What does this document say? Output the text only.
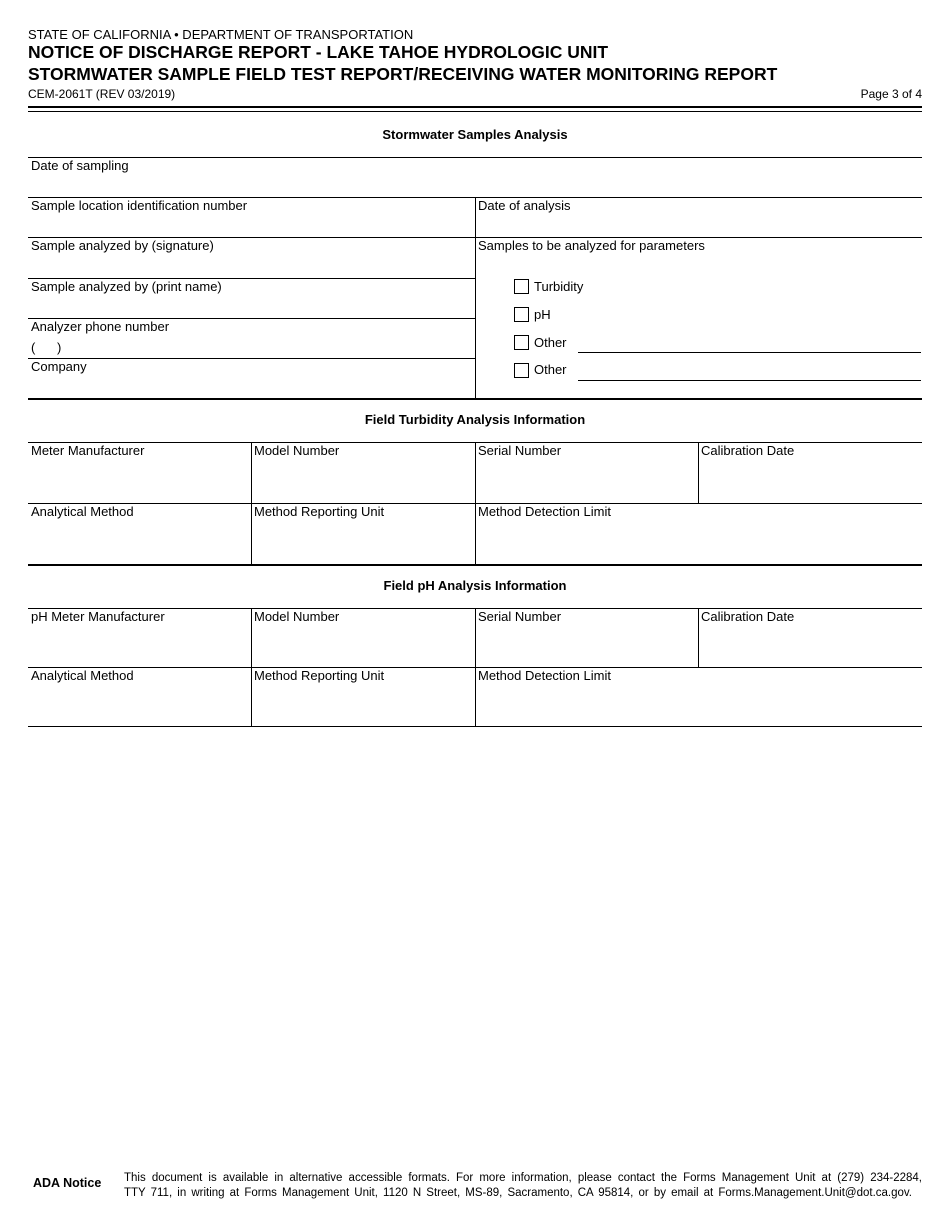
STATE OF CALIFORNIA • DEPARTMENT OF TRANSPORTATION
NOTICE OF DISCHARGE REPORT - LAKE TAHOE HYDROLOGIC UNIT
STORMWATER SAMPLE FIELD TEST REPORT/RECEIVING WATER MONITORING REPORT
CEM-2061T (REV 03/2019)	Page 3 of 4
Stormwater Samples Analysis
Date of sampling
Sample location identification number	Date of analysis
Sample analyzed by (signature)	Samples to be analyzed for parameters
Sample analyzed by (print name)
Analyzer phone number
(      )
Company
Turbidity
pH
Other
Other
Field Turbidity Analysis Information
Meter Manufacturer	Model Number	Serial Number	Calibration Date
Analytical Method	Method Reporting Unit	Method Detection Limit
Field pH Analysis Information
pH Meter Manufacturer	Model Number	Serial Number	Calibration Date
Analytical Method	Method Reporting Unit	Method Detection Limit
ADA Notice This document is available in alternative accessible formats. For more information, please contact the Forms Management Unit at (279) 234-2284,
TTY 711, in writing at Forms Management Unit, 1120 N Street, MS-89, Sacramento, CA 95814, or by email at Forms.Management.Unit@dot.ca.gov.
